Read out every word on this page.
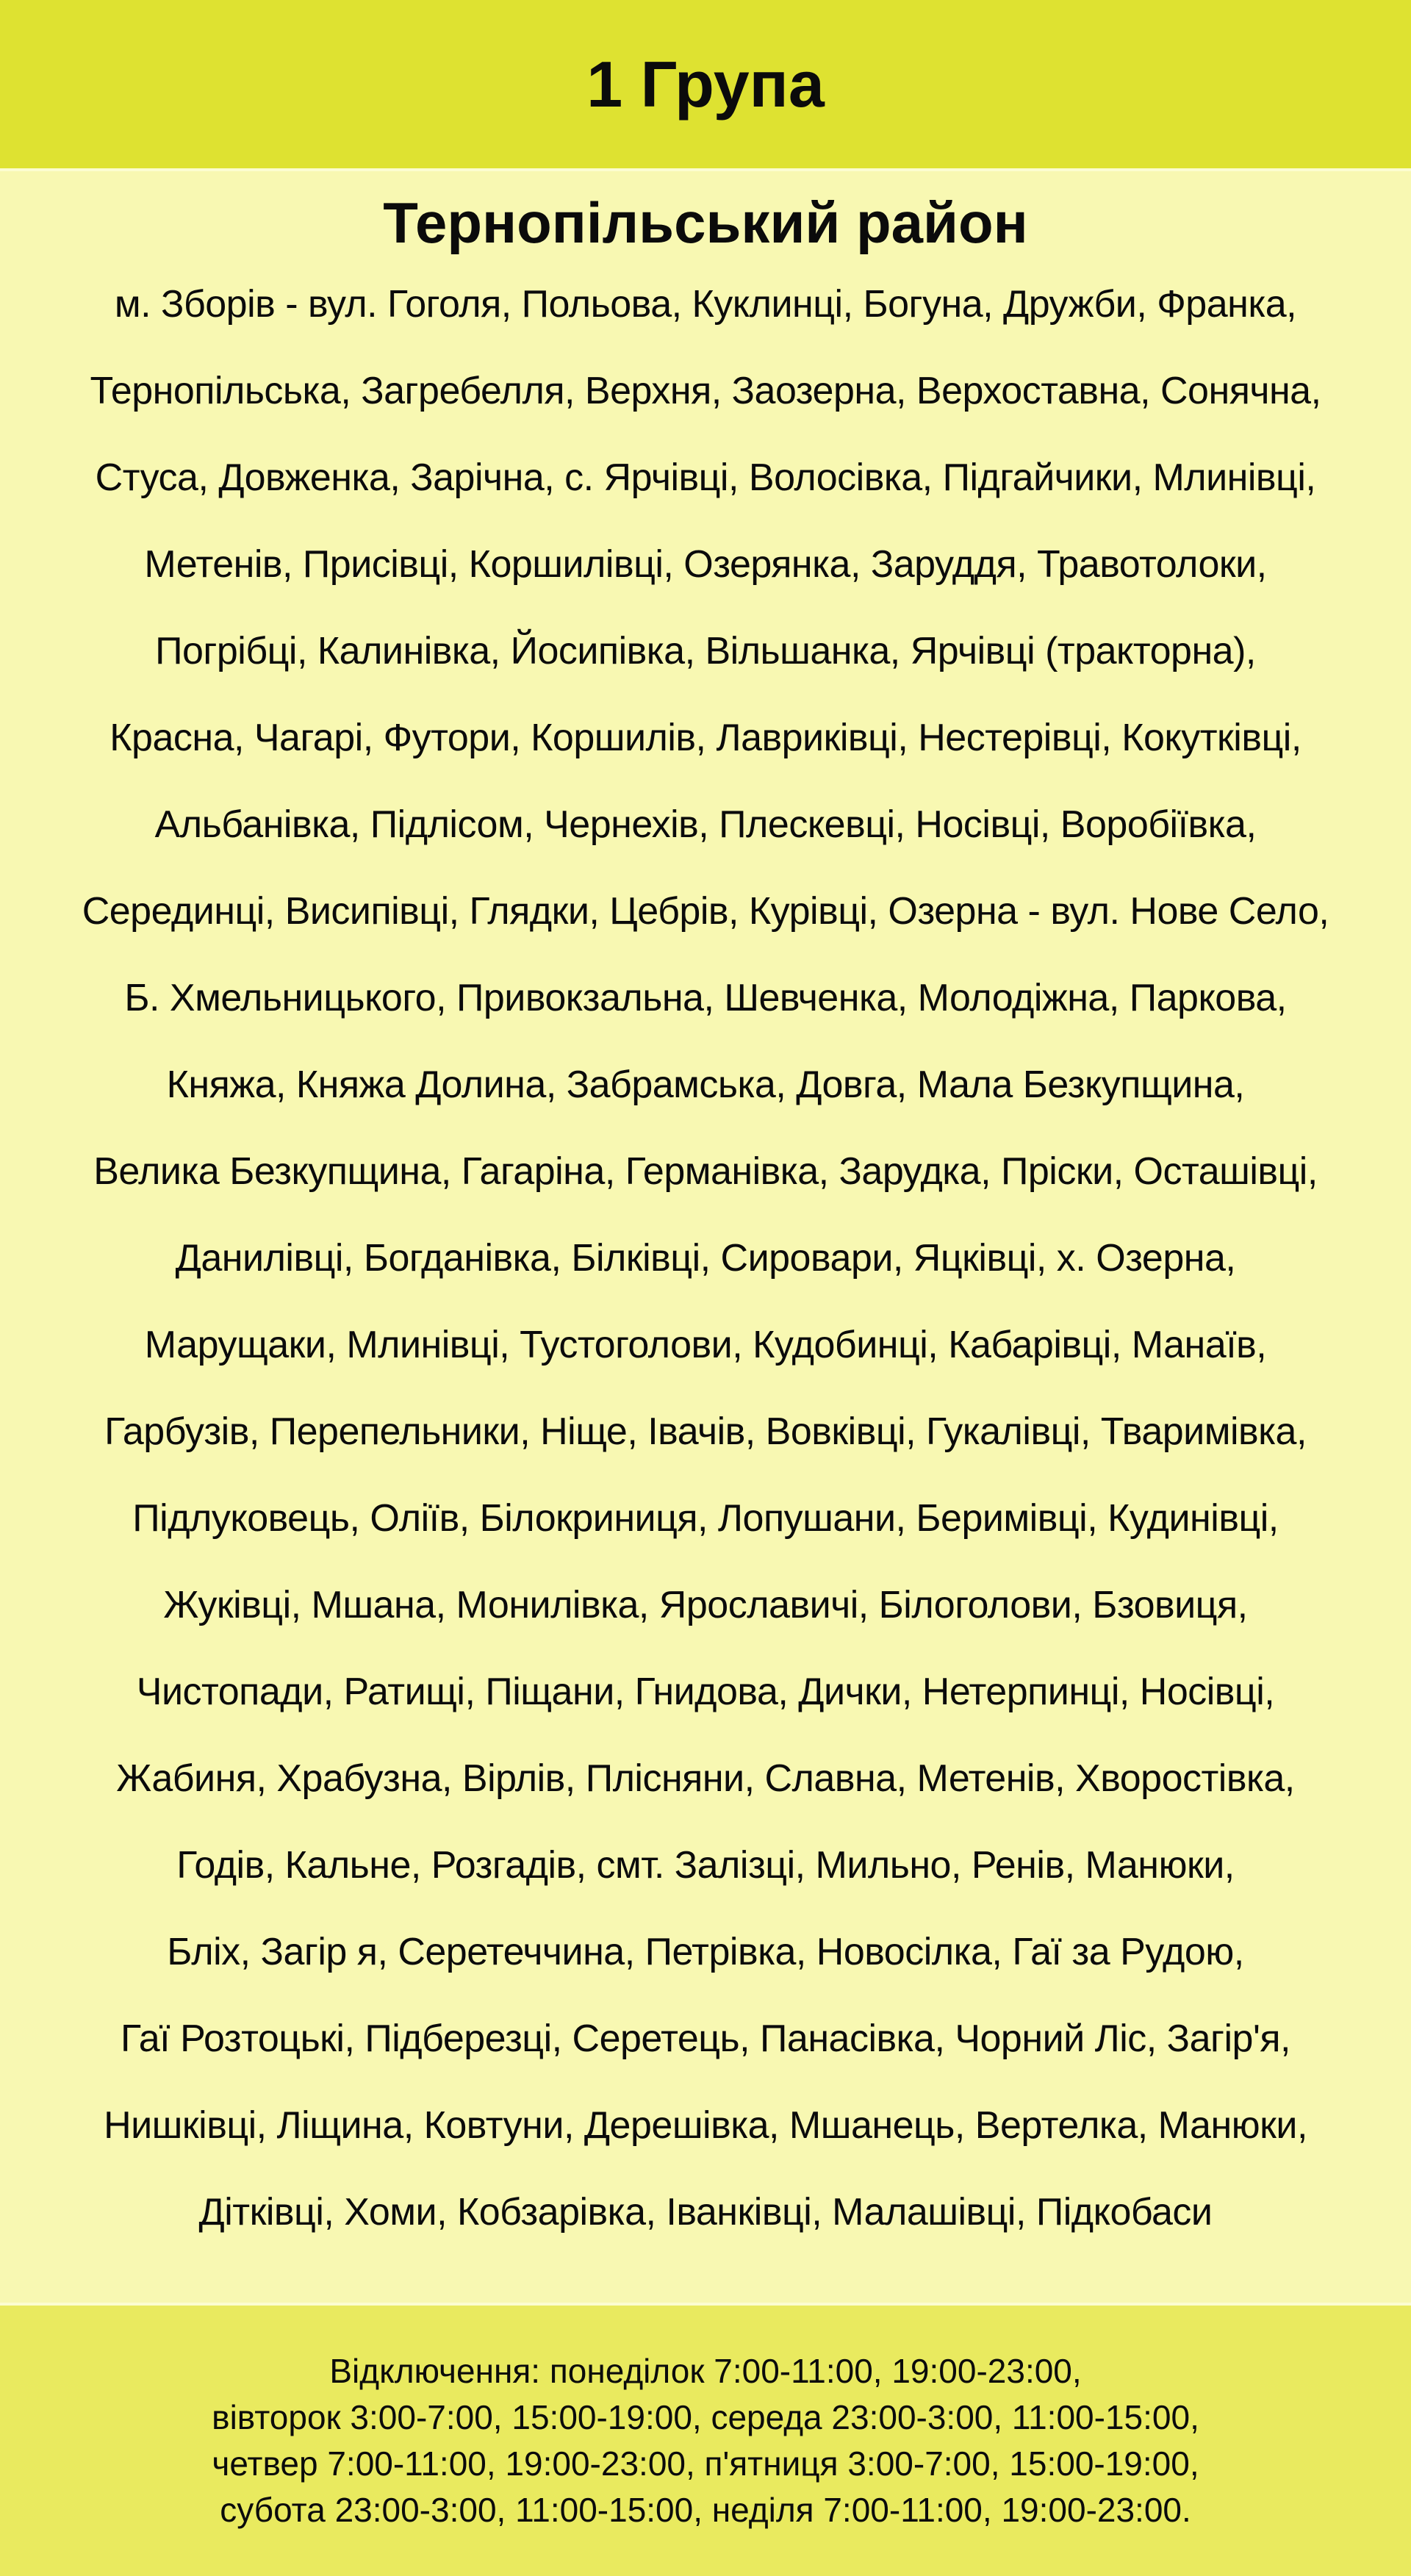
1 Група
Тернопільський район
м. Зборів - вул. Гоголя, Польова, Куклинці, Богуна, Дружби, Франка,
Тернопільська, Загребелля, Верхня, Заозерна, Верхоставна, Сонячна,
Стуса, Довженка, Зарічна, с. Ярчівці, Волосівка, Підгайчики, Млинівці,
Метенів, Присівці, Коршилівці, Озерянка, Заруддя, Травотолоки,
Погрібці, Калинівка, Йосипівка, Вільшанка, Ярчівці (тракторна),
Красна, Чагарі, Футори, Коршилів, Лавриківці, Нестерівці, Кокутківці,
Альбанівка, Підлісом, Чернехів, Плескевці, Носівці, Воробіївка,
Серединці, Висипівці, Глядки, Цебрів, Курівці, Озерна - вул. Нове Село,
Б. Хмельницького, Привокзальна, Шевченка, Молодіжна, Паркова,
Княжа, Княжа Долина, Забрамська, Довга, Мала Безкупщина,
Велика Безкупщина, Гагаріна, Германівка, Зарудка, Пріски, Осташівці,
Данилівці, Богданівка, Білківці, Сировари, Яцківці, х. Озерна,
Марущаки, Млинівці, Тустоголови, Кудобинці, Кабарівці, Манаїв,
Гарбузів, Перепельники, Ніще, Івачів, Вовківці, Гукалівці, Тваримівка,
Підлуковець, Оліїв, Білокриниця, Лопушани, Беримівці, Кудинівці,
Жуківці, Мшана, Монилівка, Ярославичі, Білоголови, Бзовиця,
Чистопади, Ратищі, Піщани, Гнидова, Дички, Нетерпинці, Носівці,
Жабиня, Храбузна, Вірлів, Плісняни, Славна, Метенів, Хворостівка,
Годів, Кальне, Розгадів, смт. Залізці, Мильно, Ренів, Манюки,
Бліх, Загір я, Серетеччина, Петрівка, Новосілка, Гаї за Рудою,
Гаї Розтоцькі, Підберезці, Серетець, Панасівка, Чорний Ліс, Загір'я,
Нишківці, Ліщина, Ковтуни, Дерешівка, Мшанець, Вертелка, Манюки,
Дітківці, Хоми, Кобзарівка, Іванківці, Малашівці, Підкобаси
Відключення: понеділок 7:00-11:00, 19:00-23:00,
вівторок 3:00-7:00, 15:00-19:00, середа 23:00-3:00, 11:00-15:00,
четвер 7:00-11:00, 19:00-23:00, п'ятниця 3:00-7:00, 15:00-19:00,
субота 23:00-3:00, 11:00-15:00, неділя 7:00-11:00, 19:00-23:00.
